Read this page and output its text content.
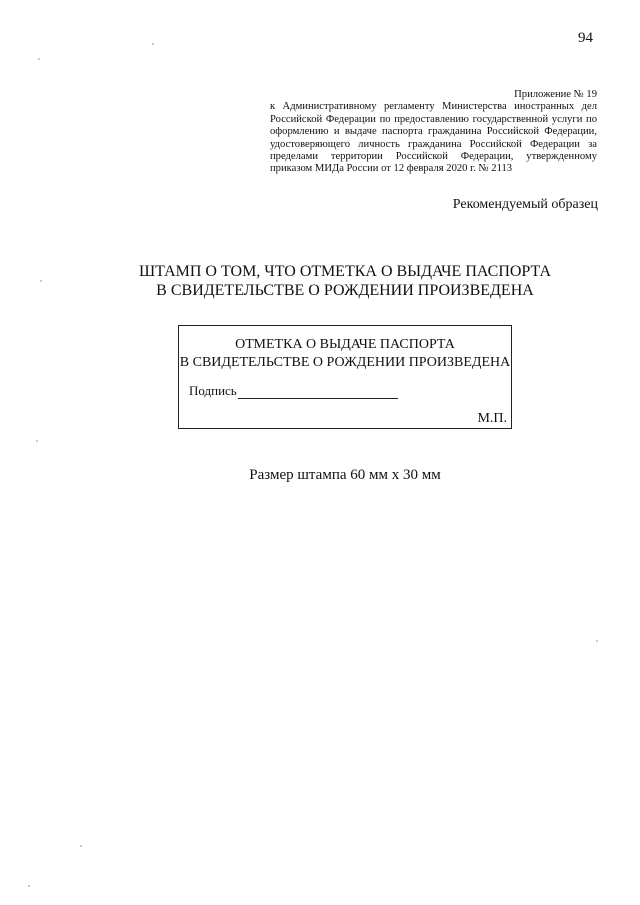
94
Приложение № 19
к Административному регламенту Министерства иностранных дел
Российской Федерации по предоставлению государственной услуги по
оформлению и выдаче паспорта гражданина Российской Федерации,
удостоверяющего личность гражданина Российской Федерации за
пределами территории Российской Федерации, утвержденному
приказом МИДа России от 12 февраля 2020 г. № 2113
Рекомендуемый образец
ШТАМП О ТОМ, ЧТО ОТМЕТКА О ВЫДАЧЕ ПАСПОРТА
В СВИДЕТЕЛЬСТВЕ О РОЖДЕНИИ ПРОИЗВЕДЕНА
ОТМЕТКА О ВЫДАЧЕ ПАСПОРТА
В СВИДЕТЕЛЬСТВЕ О РОЖДЕНИИ ПРОИЗВЕДЕНА
Подпись
М.П.
Размер штампа 60 мм х 30 мм
